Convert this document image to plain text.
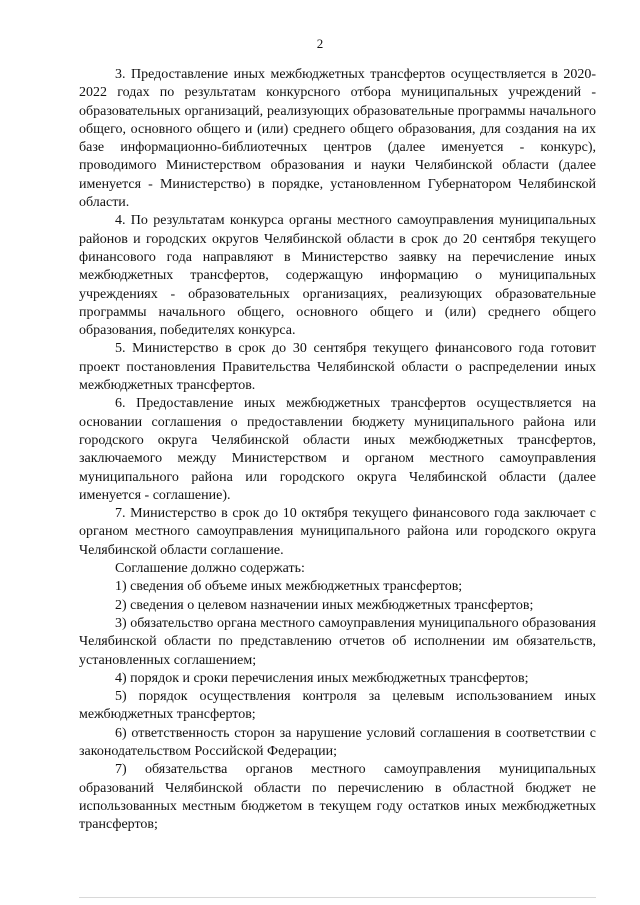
2

3. Предоставление иных межбюджетных трансфертов осуществляется в 2020-2022 годах по результатам конкурсного отбора муниципальных учреждений - образовательных организаций, реализующих образовательные программы начального общего, основного общего и (или) среднего общего образования, для создания на их базе информационно-библиотечных центров (далее именуется - конкурс), проводимого Министерством образования и науки Челябинской области (далее именуется - Министерство) в порядке, установленном Губернатором Челябинской области.

4. По результатам конкурса органы местного самоуправления муниципальных районов и городских округов Челябинской области в срок до 20 сентября текущего финансового года направляют в Министерство заявку на перечисление иных межбюджетных трансфертов, содержащую информацию о муниципальных учреждениях - образовательных организациях, реализующих образовательные программы начального общего, основного общего и (или) среднего общего образования, победителях конкурса.

5. Министерство в срок до 30 сентября текущего финансового года готовит проект постановления Правительства Челябинской области о распределении иных межбюджетных трансфертов.

6. Предоставление иных межбюджетных трансфертов осуществляется на основании соглашения о предоставлении бюджету муниципального района или городского округа Челябинской области иных межбюджетных трансфертов, заключаемого между Министерством и органом местного самоуправления муниципального района или городского округа Челябинской области (далее именуется - соглашение).

7. Министерство в срок до 10 октября текущего финансового года заключает с органом местного самоуправления муниципального района или городского округа Челябинской области соглашение.

Соглашение должно содержать:

1) сведения об объеме иных межбюджетных трансфертов;

2) сведения о целевом назначении иных межбюджетных трансфертов;

3) обязательство органа местного самоуправления муниципального образования Челябинской области по представлению отчетов об исполнении им обязательств, установленных соглашением;

4) порядок и сроки перечисления иных межбюджетных трансфертов;

5) порядок осуществления контроля за целевым использованием иных межбюджетных трансфертов;

6) ответственность сторон за нарушение условий соглашения в соответствии с законодательством Российской Федерации;

7) обязательства органов местного самоуправления муниципальных образований Челябинской области по перечислению в областной бюджет не использованных местным бюджетом в текущем году остатков иных межбюджетных трансфертов;
